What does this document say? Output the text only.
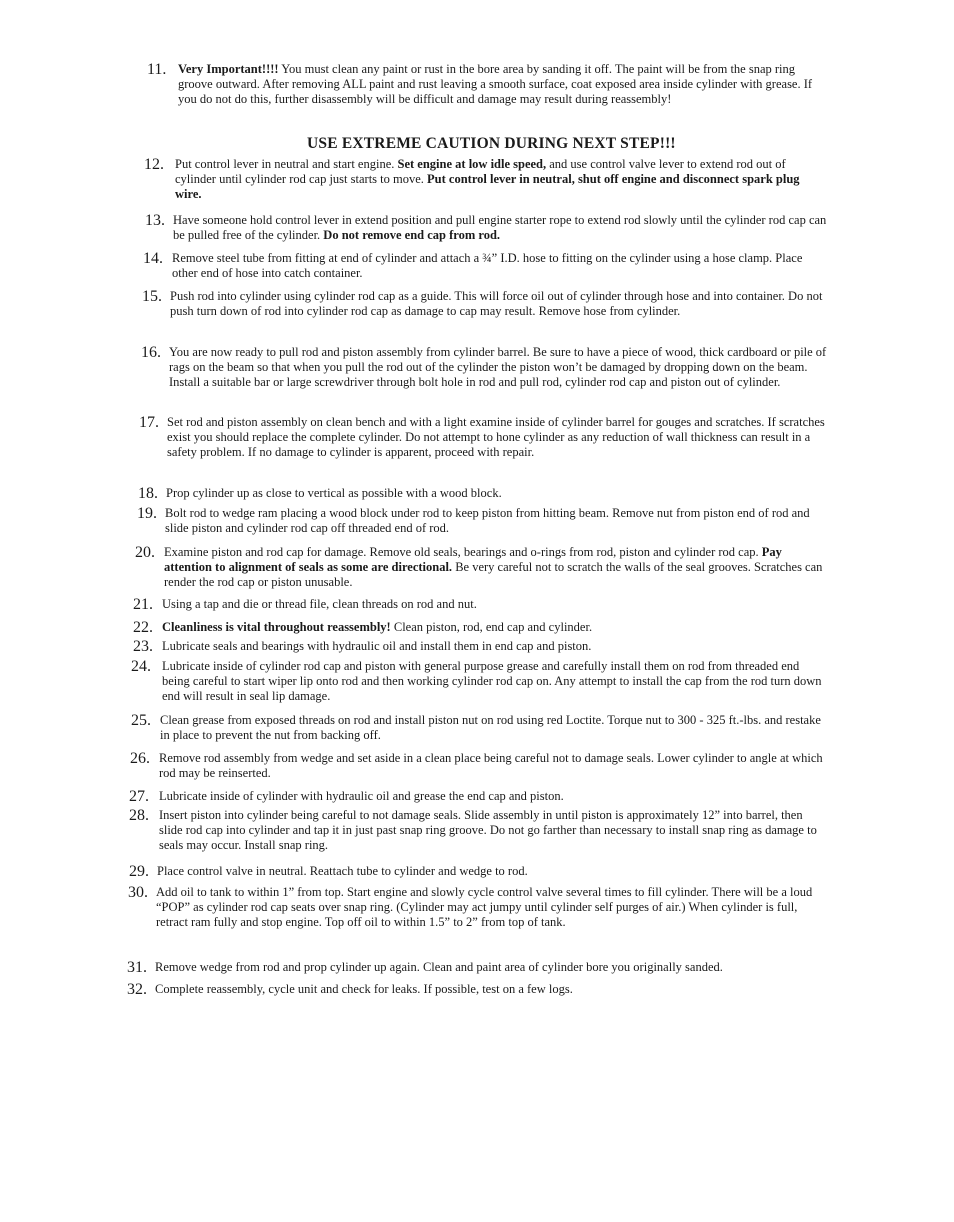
USE EXTREME CAUTION DURING NEXT STEP!!!
11. Very Important!!!! You must clean any paint or rust in the bore area by sanding it off. The paint will be from the snap ring groove outward. After removing ALL paint and rust leaving a smooth surface, coat exposed area inside cylinder with grease. If you do not do this, further disassembly will be difficult and damage may result during reassembly!
12. Put control lever in neutral and start engine. Set engine at low idle speed, and use control valve lever to extend rod out of cylinder until cylinder rod cap just starts to move. Put control lever in neutral, shut off engine and disconnect spark plug wire.
13. Have someone hold control lever in extend position and pull engine starter rope to extend rod slowly until the cylinder rod cap can be pulled free of the cylinder. Do not remove end cap from rod.
14. Remove steel tube from fitting at end of cylinder and attach a ¾” I.D. hose to fitting on the cylinder using a hose clamp. Place other end of hose into catch container.
15. Push rod into cylinder using cylinder rod cap as a guide. This will force oil out of cylinder through hose and into container. Do not push turn down of rod into cylinder rod cap as damage to cap may result. Remove hose from cylinder.
16. You are now ready to pull rod and piston assembly from cylinder barrel. Be sure to have a piece of wood, thick cardboard or pile of rags on the beam so that when you pull the rod out of the cylinder the piston won’t be damaged by dropping down on the beam. Install a suitable bar or large screwdriver through bolt hole in rod and pull rod, cylinder rod cap and piston out of cylinder.
17. Set rod and piston assembly on clean bench and with a light examine inside of cylinder barrel for gouges and scratches. If scratches exist you should replace the complete cylinder. Do not attempt to hone cylinder as any reduction of wall thickness can result in a safety problem. If no damage to cylinder is apparent, proceed with repair.
18. Prop cylinder up as close to vertical as possible with a wood block.
19. Bolt rod to wedge ram placing a wood block under rod to keep piston from hitting beam. Remove nut from piston end of rod and slide piston and cylinder rod cap off threaded end of rod.
20. Examine piston and rod cap for damage. Remove old seals, bearings and o-rings from rod, piston and cylinder rod cap. Pay attention to alignment of seals as some are directional. Be very careful not to scratch the walls of the seal grooves. Scratches can render the rod cap or piston unusable.
21. Using a tap and die or thread file, clean threads on rod and nut.
22. Cleanliness is vital throughout reassembly! Clean piston, rod, end cap and cylinder.
23. Lubricate seals and bearings with hydraulic oil and install them in end cap and piston.
24. Lubricate inside of cylinder rod cap and piston with general purpose grease and carefully install them on rod from threaded end being careful to start wiper lip onto rod and then working cylinder rod cap on. Any attempt to install the cap from the rod turn down end will result in seal lip damage.
25. Clean grease from exposed threads on rod and install piston nut on rod using red Loctite. Torque nut to 300 - 325 ft.-lbs. and restake in place to prevent the nut from backing off.
26. Remove rod assembly from wedge and set aside in a clean place being careful not to damage seals. Lower cylinder to angle at which rod may be reinserted.
27. Lubricate inside of cylinder with hydraulic oil and grease the end cap and piston.
28. Insert piston into cylinder being careful to not damage seals. Slide assembly in until piston is approximately 12” into barrel, then slide rod cap into cylinder and tap it in just past snap ring groove. Do not go farther than necessary to install snap ring as damage to seals may occur. Install snap ring.
29. Place control valve in neutral. Reattach tube to cylinder and wedge to rod.
30. Add oil to tank to within 1” from top. Start engine and slowly cycle control valve several times to fill cylinder. There will be a loud “POP” as cylinder rod cap seats over snap ring. (Cylinder may act jumpy until cylinder self purges of air.) When cylinder is full, retract ram fully and stop engine. Top off oil to within 1.5” to 2” from top of tank.
31. Remove wedge from rod and prop cylinder up again. Clean and paint area of cylinder bore you originally sanded.
32. Complete reassembly, cycle unit and check for leaks. If possible, test on a few logs.
